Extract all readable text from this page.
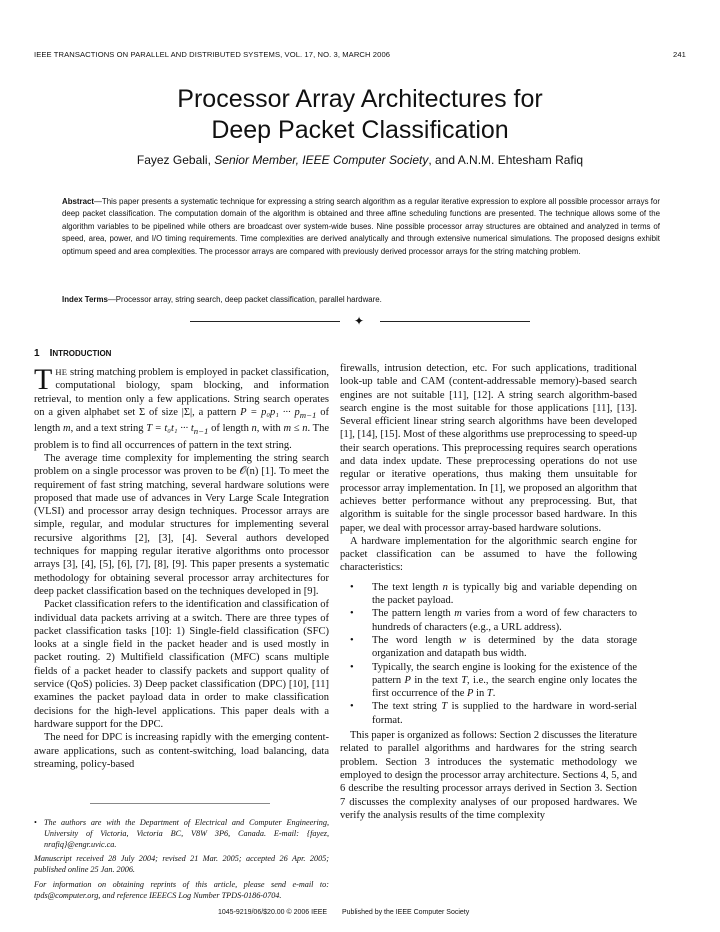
IEEE TRANSACTIONS ON PARALLEL AND DISTRIBUTED SYSTEMS, VOL. 17, NO. 3, MARCH 2006	241
Processor Array Architectures for
Deep Packet Classification
Fayez Gebali, Senior Member, IEEE Computer Society, and A.N.M. Ehtesham Rafiq
Abstract—This paper presents a systematic technique for expressing a string search algorithm as a regular iterative expression to explore all possible processor arrays for deep packet classification. The computation domain of the algorithm is obtained and three affine scheduling functions are presented. The technique allows some of the algorithm variables to be pipelined while others are broadcast over system-wide buses. Nine possible processor array structures are obtained and analyzed in terms of speed, area, power, and I/O timing requirements. Time complexities are derived analytically and through extensive numerical simulations. The proposed designs exhibit optimum speed and area complexities. The processor arrays are compared with previously derived processor arrays for the string matching problem.
Index Terms—Processor array, string search, deep packet classification, parallel hardware.
✦
1 INTRODUCTION

THE string matching problem is employed in packet classification, computational biology, spam blocking, and information retrieval, to mention only a few applications. String search operates on a given alphabet set Σ of size |Σ|, a pattern P = p₀p₁ ··· $p_{m-1}$ of length m, and a text string T = t₀t₁ ··· $t_{n-1}$ of length n, with m ≤ n. The problem is to find all occurrences of pattern in the text string.

The average time complexity for implementing the string search problem on a single processor was proven to be 𝒪(n) [1]. To meet the requirement of fast string matching, several hardware solutions were proposed that made use of advances in Very Large Scale Integration (VLSI) and processor array design techniques. Processor arrays are simple, regular, and modular structures for implementing several recursive algorithms [2], [3], [4]. Several authors developed techniques for mapping regular iterative algorithms onto processor arrays [3], [4], [5], [6], [7], [8], [9]. This paper presents a systematic methodology for obtaining several processor array architectures for deep packet classification based on the techniques developed in [9].

Packet classification refers to the identification and classification of individual data packets arriving at a switch. There are three types of packet classification tasks [10]: 1) Single-field classification (SFC) looks at a single field in the packet header and is used mostly in packet routing. 2) Multifield classification (MFC) scans multiple fields of a packet header to classify packets and support quality of service (QoS) policies. 3) Deep packet classification (DPC) [10], [11] examines the packet payload data in order to make classification decisions for the high-level applications. This paper deals with a hardware support for the DPC.

The need for DPC is increasing rapidly with the emerging content-aware applications, such as content-switching, load balancing, data streaming, policy-based

firewalls, intrusion detection, etc. For such applications, traditional look-up table and CAM (content-addressable memory)-based search engines are not suitable [11], [12]. A string search algorithm-based search engine is the most suitable for those applications [11], [13]. Several efficient linear string search algorithms have been developed [1], [14], [15]. Most of these algorithms use preprocessing to speed-up their search operations. This preprocessing requires search operations and data index update. These preprocessing operations do not use regular or iterative operations, thus making them unsuitable for processor array implementation. In [1], we proposed an algorithm that achieves better performance without any preprocessing. But, that algorithm is suitable for the single processor based hardware. In this paper, we deal with processor array-based hardware solutions.

A hardware implementation for the algorithmic search engine for packet classification can be assumed to have the following characteristics:

• The text length n is typically big and variable depending on the packet payload.
• The pattern length m varies from a word of few characters to hundreds of characters (e.g., a URL address).
• The word length w is determined by the data storage organization and datapath bus width.
• Typically, the search engine is looking for the existence of the pattern P in the text T, i.e., the search engine only locates the first occurrence of the P in T.
• The text string T is supplied to the hardware in word-serial format.

This paper is organized as follows: Section 2 discusses the literature related to parallel algorithms and hardwares for the string search problem. Section 3 introduces the systematic methodology we employed to design the processor array architecture. Sections 4, 5, and 6 describe the resulting processor arrays derived in Section 3. Section 7 discusses the complexity analyses of our proposed hardwares. We verify the analysis results of the time complexity

• The authors are with the Department of Electrical and Computer Engineering, University of Victoria, Victoria BC, V8W 3P6, Canada. E-mail: {fayez, nrafiq}@engr.uvic.ca.

Manuscript received 28 July 2004; revised 21 Mar. 2005; accepted 26 Apr. 2005; published online 25 Jan. 2006.

For information on obtaining reprints of this article, please send e-mail to: tpds@computer.org, and reference IEEECS Log Number TPDS-0186-0704.

1045-9219/06/$20.00 © 2006 IEEE Published by the IEEE Computer Society
